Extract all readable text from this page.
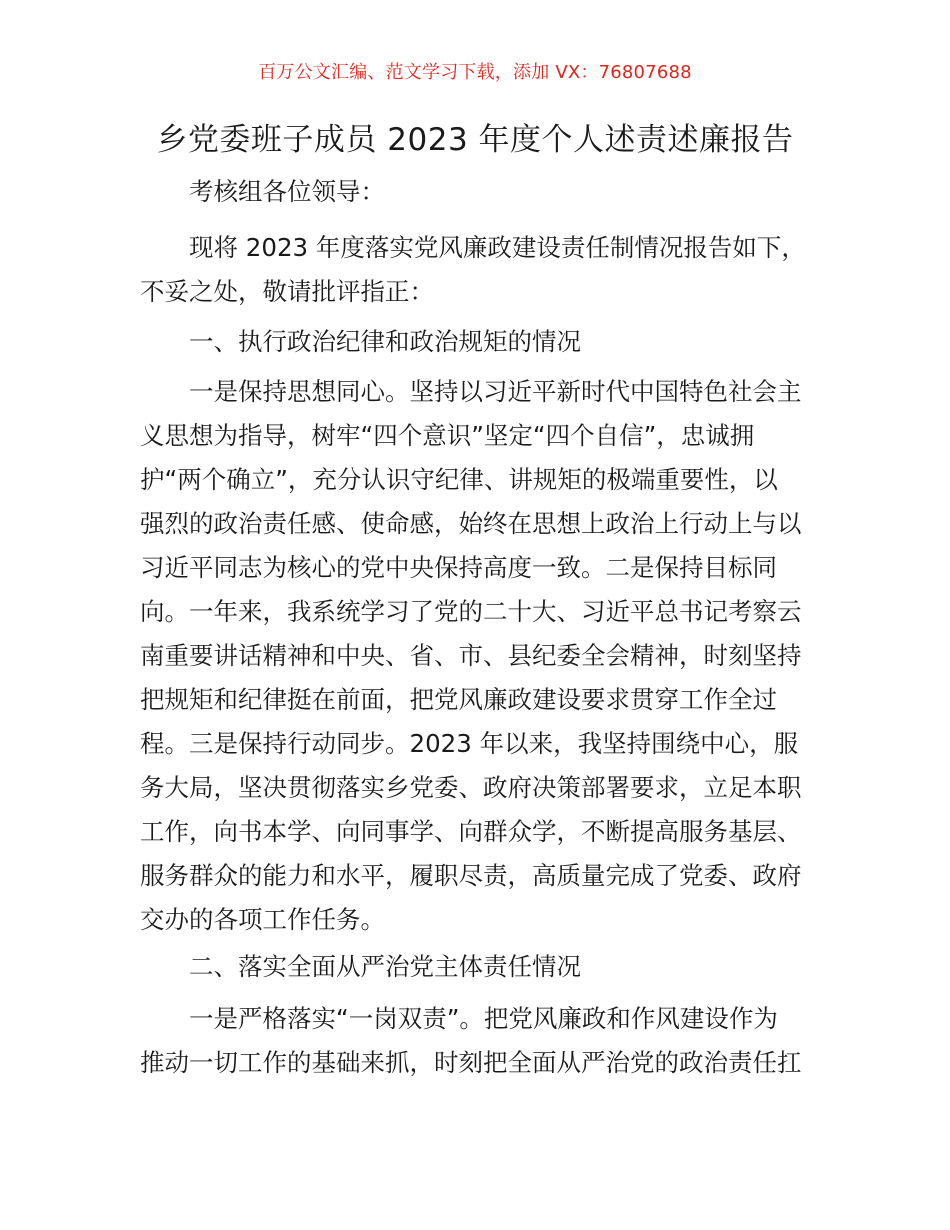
百万公文汇编、范文学习下载，添加 VX：76807688
乡党委班子成员 2023 年度个人述责述廉报告
考核组各位领导：
现将 2023 年度落实党风廉政建设责任制情况报告如下，
不妥之处，敬请批评指正：
一、执行政治纪律和政治规矩的情况
一是保持思想同心。坚持以习近平新时代中国特色社会主
义思想为指导，树牢“四个意识”坚定“四个自信”，忠诚拥
护“两个确立”，充分认识守纪律、讲规矩的极端重要性，以
强烈的政治责任感、使命感，始终在思想上政治上行动上与以
习近平同志为核心的党中央保持高度一致。二是保持目标同
向。一年来，我系统学习了党的二十大、习近平总书记考察云
南重要讲话精神和中央、省、市、县纪委全会精神，时刻坚持
把规矩和纪律挺在前面，把党风廉政建设要求贯穿工作全过
程。三是保持行动同步。2023 年以来，我坚持围绕中心，服
务大局，坚决贯彻落实乡党委、政府决策部署要求，立足本职
工作，向书本学、向同事学、向群众学，不断提高服务基层、
服务群众的能力和水平，履职尽责，高质量完成了党委、政府
交办的各项工作任务。
二、落实全面从严治党主体责任情况
一是严格落实“一岗双责”。把党风廉政和作风建设作为
推动一切工作的基础来抓，时刻把全面从严治党的政治责任扛
